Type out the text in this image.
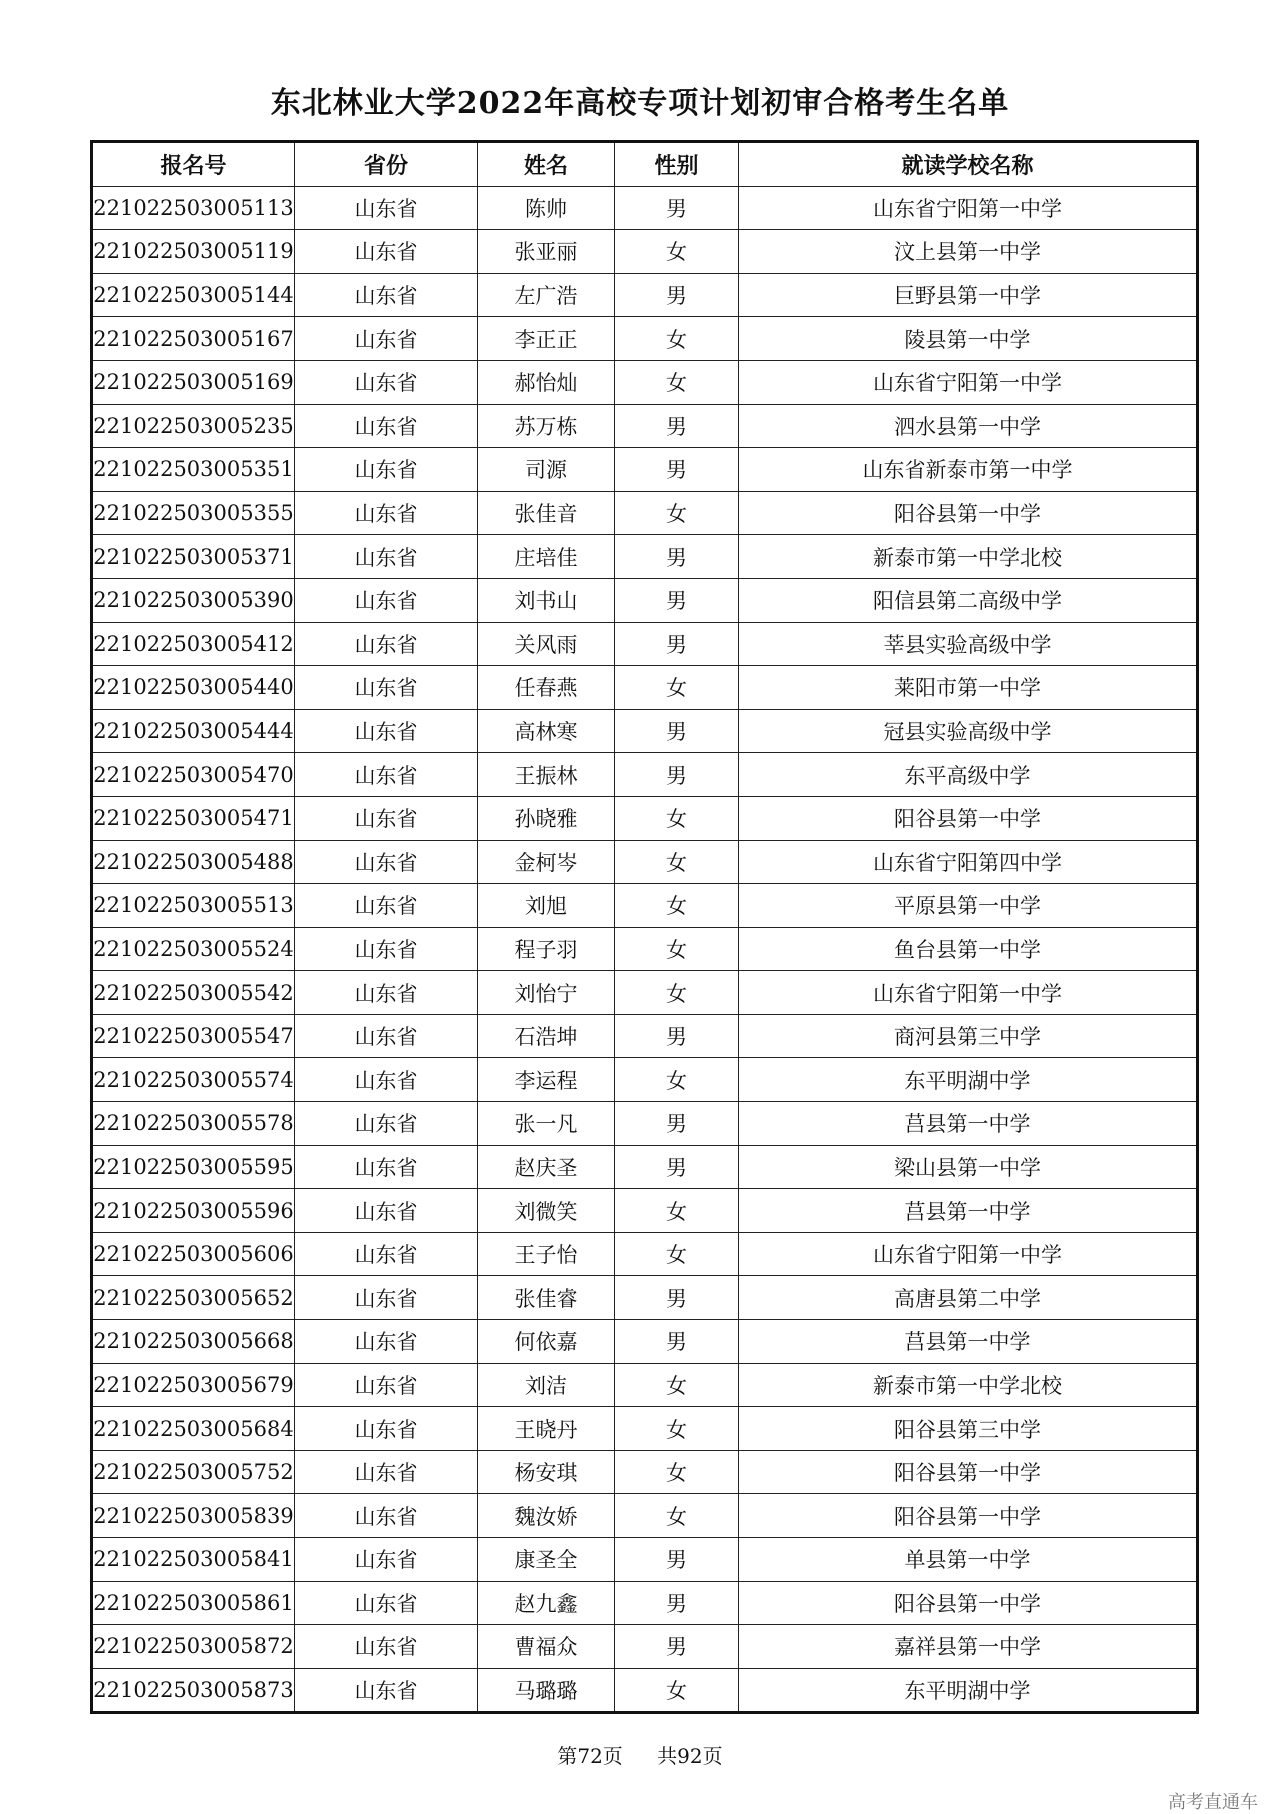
东北林业大学2022年高校专项计划初审合格考生名单
报名号	省份	姓名	性别	就读学校名称
221022503005113	山东省	陈帅	男	山东省宁阳第一中学
221022503005119	山东省	张亚丽	女	汶上县第一中学
221022503005144	山东省	左广浩	男	巨野县第一中学
221022503005167	山东省	李正正	女	陵县第一中学
221022503005169	山东省	郝怡灿	女	山东省宁阳第一中学
221022503005235	山东省	苏万栋	男	泗水县第一中学
221022503005351	山东省	司源	男	山东省新泰市第一中学
221022503005355	山东省	张佳音	女	阳谷县第一中学
221022503005371	山东省	庄培佳	男	新泰市第一中学北校
221022503005390	山东省	刘书山	男	阳信县第二高级中学
221022503005412	山东省	关风雨	男	莘县实验高级中学
221022503005440	山东省	任春燕	女	莱阳市第一中学
221022503005444	山东省	高林寒	男	冠县实验高级中学
221022503005470	山东省	王振林	男	东平高级中学
221022503005471	山东省	孙晓雅	女	阳谷县第一中学
221022503005488	山东省	金柯岑	女	山东省宁阳第四中学
221022503005513	山东省	刘旭	女	平原县第一中学
221022503005524	山东省	程子羽	女	鱼台县第一中学
221022503005542	山东省	刘怡宁	女	山东省宁阳第一中学
221022503005547	山东省	石浩坤	男	商河县第三中学
221022503005574	山东省	李运程	女	东平明湖中学
221022503005578	山东省	张一凡	男	莒县第一中学
221022503005595	山东省	赵庆圣	男	梁山县第一中学
221022503005596	山东省	刘微笑	女	莒县第一中学
221022503005606	山东省	王子怡	女	山东省宁阳第一中学
221022503005652	山东省	张佳睿	男	高唐县第二中学
221022503005668	山东省	何依嘉	男	莒县第一中学
221022503005679	山东省	刘洁	女	新泰市第一中学北校
221022503005684	山东省	王晓丹	女	阳谷县第三中学
221022503005752	山东省	杨安琪	女	阳谷县第一中学
221022503005839	山东省	魏汝娇	女	阳谷县第一中学
221022503005841	山东省	康圣全	男	单县第一中学
221022503005861	山东省	赵九鑫	男	阳谷县第一中学
221022503005872	山东省	曹福众	男	嘉祥县第一中学
221022503005873	山东省	马璐璐	女	东平明湖中学
第72页 共92页
高考直通车
